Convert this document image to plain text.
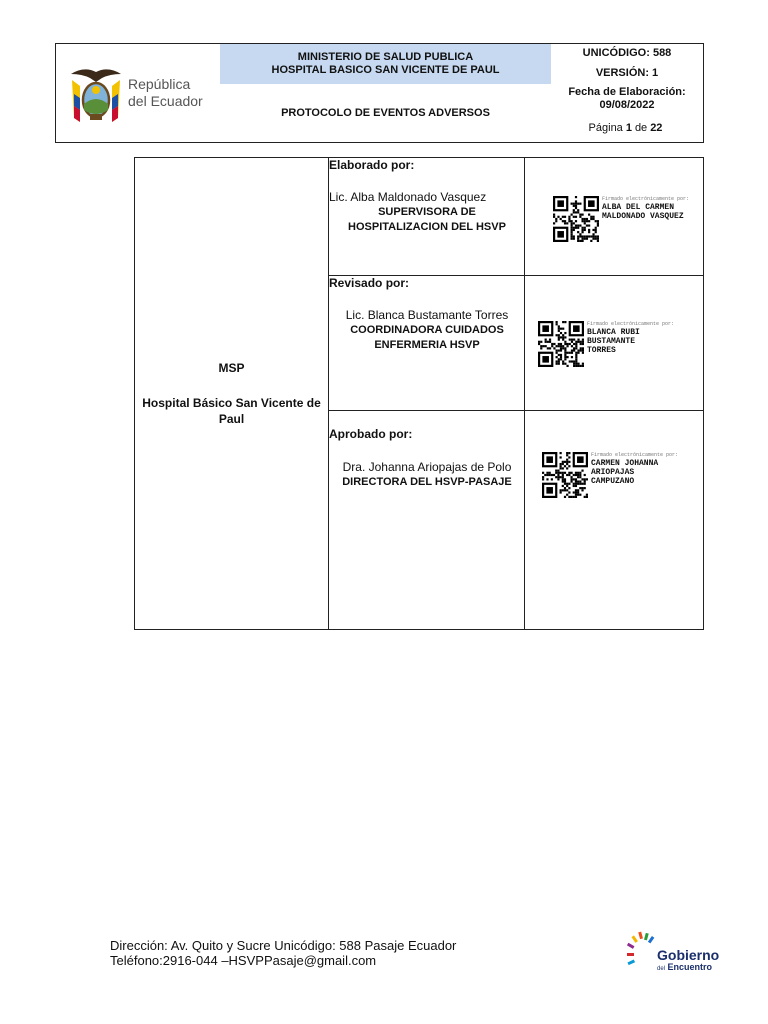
República
del Ecuador
MINISTERIO DE SALUD PUBLICA
HOSPITAL BASICO SAN VICENTE DE PAUL
PROTOCOLO DE EVENTOS ADVERSOS
UNICÓDIGO: 588
VERSIÓN: 1
Fecha de Elaboración:
09/08/2022
Página 1 de 22
MSP
Hospital Básico San Vicente de Paul
Elaborado por:
Lic. Alba Maldonado Vasquez
SUPERVISORA DE
HOSPITALIZACION DEL HSVP
Firmado electrónicamente por:
ALBA DEL CARMEN
MALDONADO VASQUEZ
Revisado por:
Lic. Blanca Bustamante Torres
COORDINADORA CUIDADOS
ENFERMERIA HSVP
Firmado electrónicamente por:
BLANCA RUBI
BUSTAMANTE
TORRES
Aprobado por:
Dra. Johanna Ariopajas de Polo
DIRECTORA DEL HSVP-PASAJE
Firmado electrónicamente por:
CARMEN JOHANNA
ARIOPAJAS
CAMPUZANO
Dirección: Av. Quito y Sucre Unicódigo: 588 Pasaje Ecuador
Teléfono:2916-044 –HSVPPasaje@gmail.com	Gobierno
del Encuentro
